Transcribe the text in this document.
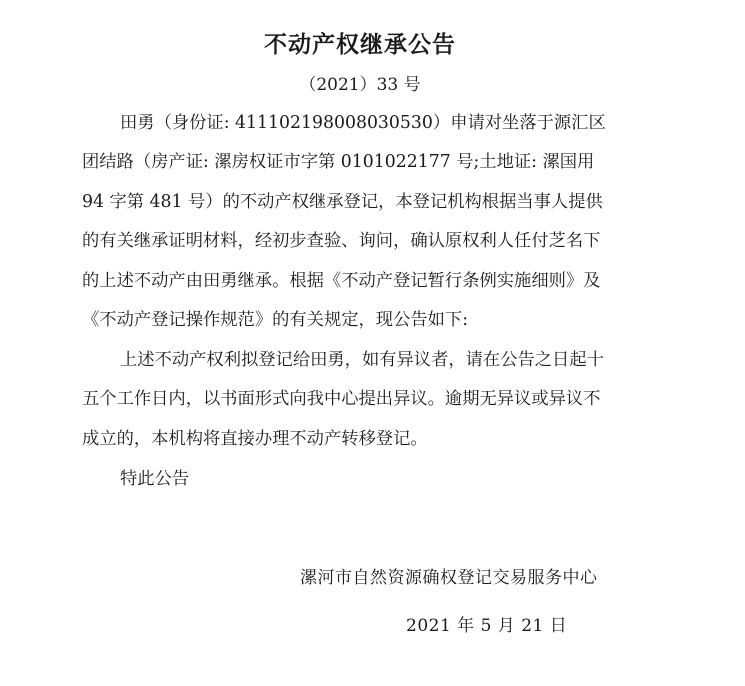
不动产权继承公告
（2021）33 号
田勇（身份证: 411102198008030530）申请对坐落于源汇区
团结路（房产证: 漯房权证市字第 0101022177 号;土地证: 漯国用
94 字第 481 号）的不动产权继承登记，本登记机构根据当事人提供
的有关继承证明材料，经初步查验、询问，确认原权利人任付芝名下
的上述不动产由田勇继承。根据《不动产登记暂行条例实施细则》及
《不动产登记操作规范》的有关规定，现公告如下:
上述不动产权利拟登记给田勇，如有异议者，请在公告之日起十
五个工作日内，以书面形式向我中心提出异议。逾期无异议或异议不
成立的，本机构将直接办理不动产转移登记。
特此公告
漯河市自然资源确权登记交易服务中心
2021 年 5 月 21 日
